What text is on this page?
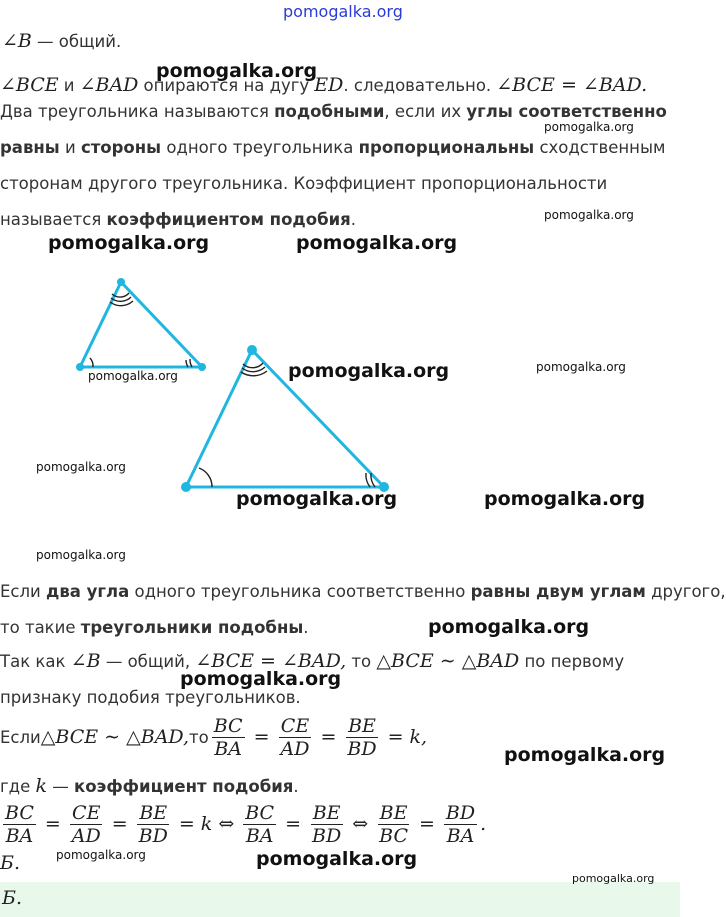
pomogalka.org
∠B — общий.
∠BCE и ∠BAD опираются на дугу ED. следовательно. ∠BCE = ∠BAD.
Два треугольника называются подобными, если их углы соответственно
равны и стороны одного треугольника пропорциональны сходственным
сторонам другого треугольника. Коэффициент пропорциональности
называется коэффициентом подобия.
Если два угла одного треугольника соответственно равны двум углам другого,
то такие треугольники подобны.
Так как ∠B — общий, ∠BCE = ∠BAD, то △BCE ∼ △BAD по первому
признаку подобия треугольников.
Если △BCE ∼ △BAD, то $\frac{BC}{BA} = \frac{CE}{AD} = \frac{BE}{BD} = k$,
где k — коэффициент подобия.
$\frac{BC}{BA} = \frac{CE}{AD} = \frac{BE}{BD} = k$ ⇔ $\frac{BC}{BA} = \frac{BE}{BD}$ ⇔ $\frac{BE}{BC} = \frac{BD}{BA}$ .
Б.
Б.
pomogalka.org
pomogalka.org
pomogalka.org
pomogalka.org	pomogalka.org
pomogalka.org	pomogalka.org	pomogalka.org
pomogalka.org
pomogalka.org	pomogalka.org
pomogalka.org
pomogalka.org
pomogalka.org
pomogalka.org
pomogalka.org	pomogalka.org
pomogalka.org
